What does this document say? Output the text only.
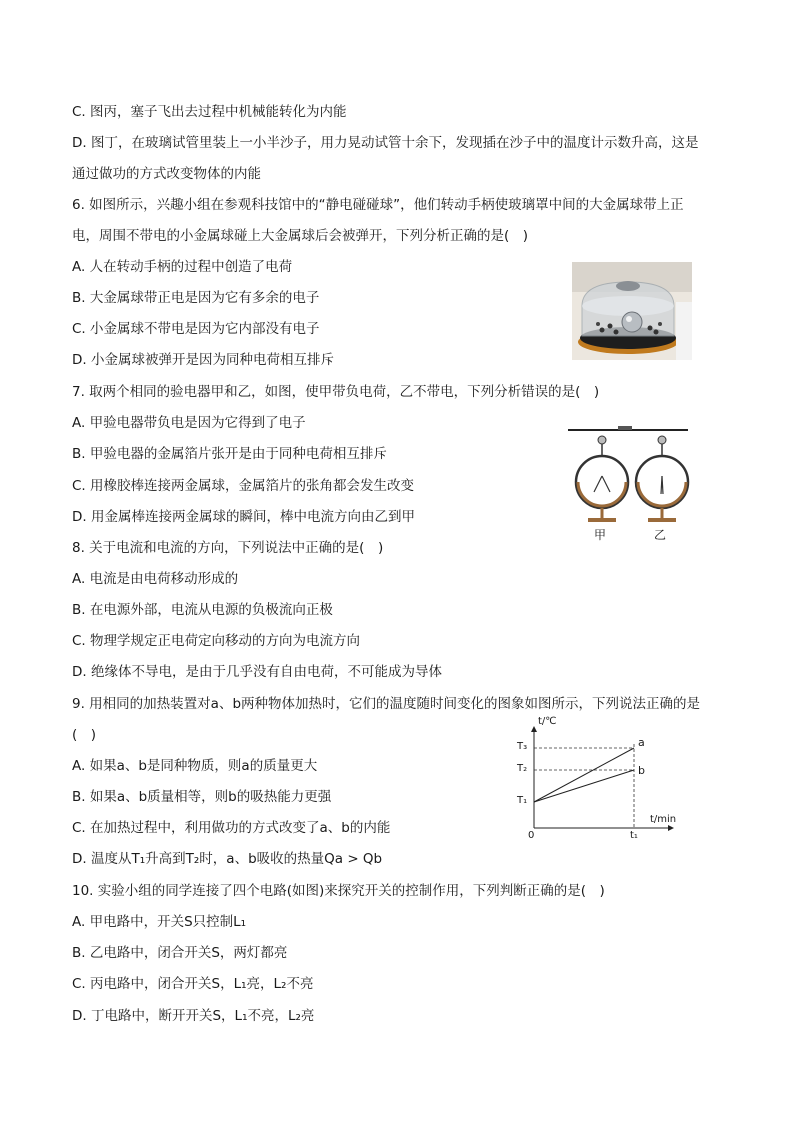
C. 图丙，塞子飞出去过程中机械能转化为内能
D. 图丁，在玻璃试管里装上一小半沙子，用力晃动试管十余下，发现插在沙子中的温度计示数升高，这是
通过做功的方式改变物体的内能
6. 如图所示，兴趣小组在参观科技馆中的“静电碰碰球”，他们转动手柄使玻璃罩中间的大金属球带上正
电，周围不带电的小金属球碰上大金属球后会被弹开，下列分析正确的是(　)
A. 人在转动手柄的过程中创造了电荷
B. 大金属球带正电是因为它有多余的电子
C. 小金属球不带电是因为它内部没有电子
D. 小金属球被弹开是因为同种电荷相互排斥
7. 取两个相同的验电器甲和乙，如图，使甲带负电荷，乙不带电，下列分析错误的是(　)
A. 甲验电器带负电是因为它得到了电子
B. 甲验电器的金属箔片张开是由于同种电荷相互排斥
C. 用橡胶棒连接两金属球，金属箔片的张角都会发生改变
D. 用金属棒连接两金属球的瞬间，棒中电流方向由乙到甲
8. 关于电流和电流的方向，下列说法中正确的是(　)
A. 电流是由电荷移动形成的
B. 在电源外部，电流从电源的负极流向正极
C. 物理学规定正电荷定向移动的方向为电流方向
D. 绝缘体不导电，是由于几乎没有自由电荷，不可能成为导体
9. 用相同的加热装置对a、b两种物体加热时，它们的温度随时间变化的图象如图所示，下列说法正确的是
(　)
A. 如果a、b是同种物质，则a的质量更大
B. 如果a、b质量相等，则b的吸热能力更强
C. 在加热过程中，利用做功的方式改变了a、b的内能
D. 温度从T₁升高到T₂时，a、b吸收的热量Qa > Qb
10. 实验小组的同学连接了四个电路(如图)来探究开关的控制作用，下列判断正确的是(　)
A. 甲电路中，开关S只控制L₁
B. 乙电路中，闭合开关S，两灯都亮
C. 丙电路中，闭合开关S，L₁亮，L₂不亮
D. 丁电路中，断开开关S，L₁不亮，L₂亮
甲	乙
t/℃
t/min
0
T₁
T₂
T₃
t₁
a
b
